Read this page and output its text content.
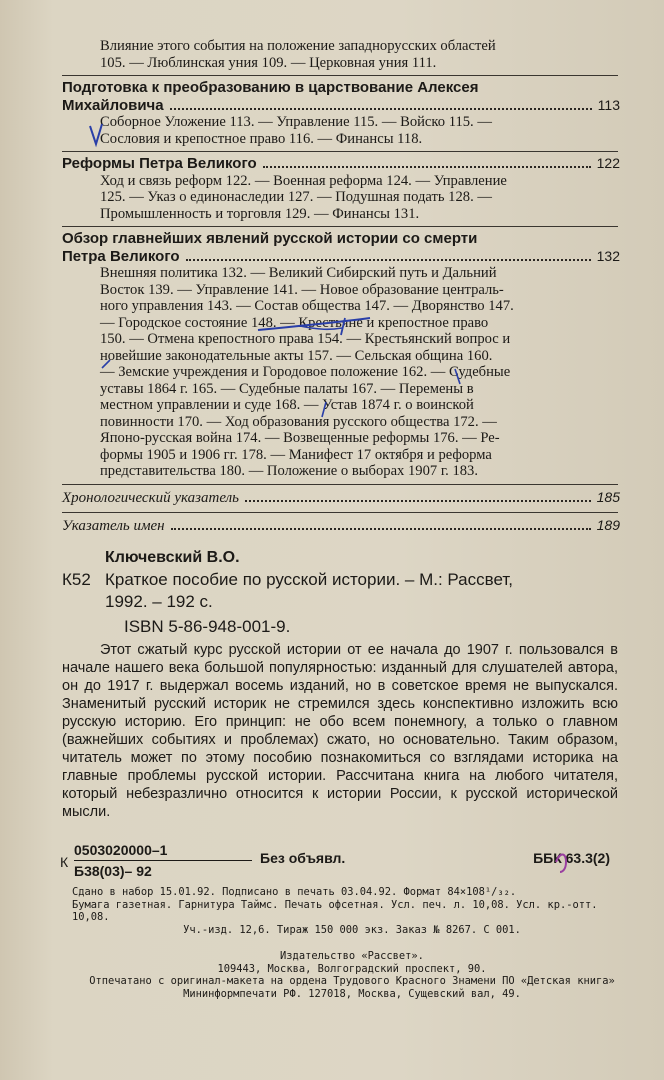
Влияние этого события на положение западнорусских областей
105. — Люблинская уния 109. — Церковная уния 111.
Подготовка к преобразованию в царствование Алексея
Михайловича	113
Соборное Уложение 113. — Управление 115. — Войско 115. —
Сословия и крепостное право 116. — Финансы 118.
Реформы Петра Великого	122
Ход и связь реформ 122. — Военная реформа 124. — Управление
125. — Указ о единонаследии 127. — Подушная подать 128. —
Промышленность и торговля 129. — Финансы 131.
Обзор главнейших явлений русской истории со смерти
Петра Великого	132
Внешняя политика 132. — Великий Сибирский путь и Дальний
Восток 139. — Управление 141. — Новое образование централь-
ного управления 143. — Состав общества 147. — Дворянство 147.
— Городское состояние 148. — Крестьяне и крепостное право
150. — Отмена крепостного права 154. — Крестьянский вопрос и
новейшие законодательные акты 157. — Сельская община 160.
— Земские учреждения и Городовое положение 162. — Судебные
уставы 1864 г. 165. — Судебные палаты 167. — Перемены в
местном управлении и суде 168. — Устав 1874 г. о воинской
повинности 170. — Ход образования русского общества 172. —
Японо-русская война 174. — Возвещенные реформы 176. — Ре-
формы 1905 и 1906 гг. 178. — Манифест 17 октября и реформа
представительства 180. — Положение о выборах 1907 г. 183.
Хронологический указатель	185
Указатель имен	189
Ключевский В.О.
К52 Краткое пособие по русской истории. – М.: Рассвет,
1992. – 192 с.
ISBN 5-86-948-001-9.
Этот сжатый курс русской истории от ее начала до 1907 г. пользовался в начале нашего века большой популярностью: изданный для слушателей автора, он до 1917 г. выдержал восемь изданий, но в советское время не выпускался. Знаменитый русский историк не стремился здесь конспективно изложить всю русскую историю. Его принцип: не обо всем понемногу, а только о главном (важнейших событиях и проблемах) сжато, но основательно. Таким образом, читатель может по этому пособию познакомиться со взглядами историка на главные проблемы русской истории. Рассчитана книга на любого читателя, который небезразлично относится к истории России, к русской исторической мысли.
К
0503020000–1
Б38(03)– 92
Без объявл.	ББК 63.3(2)
Сдано в набор 15.01.92. Подписано в печать 03.04.92. Формат 84×108¹/₃₂.
Бумага газетная. Гарнитура Таймс. Печать офсетная. Усл. печ. л. 10,08. Усл. кр.-отт. 10,08.
Уч.-изд. 12,6. Тираж 150 000 экз. Заказ № 8267. С 001.
Издательство «Рассвет».
109443, Москва, Волгоградский проспект, 90.
Отпечатано с оригинал-макета на ордена Трудового Красного Знамени ПО «Детская книга»
Мининформпечати РФ. 127018, Москва, Сущевский вал, 49.
